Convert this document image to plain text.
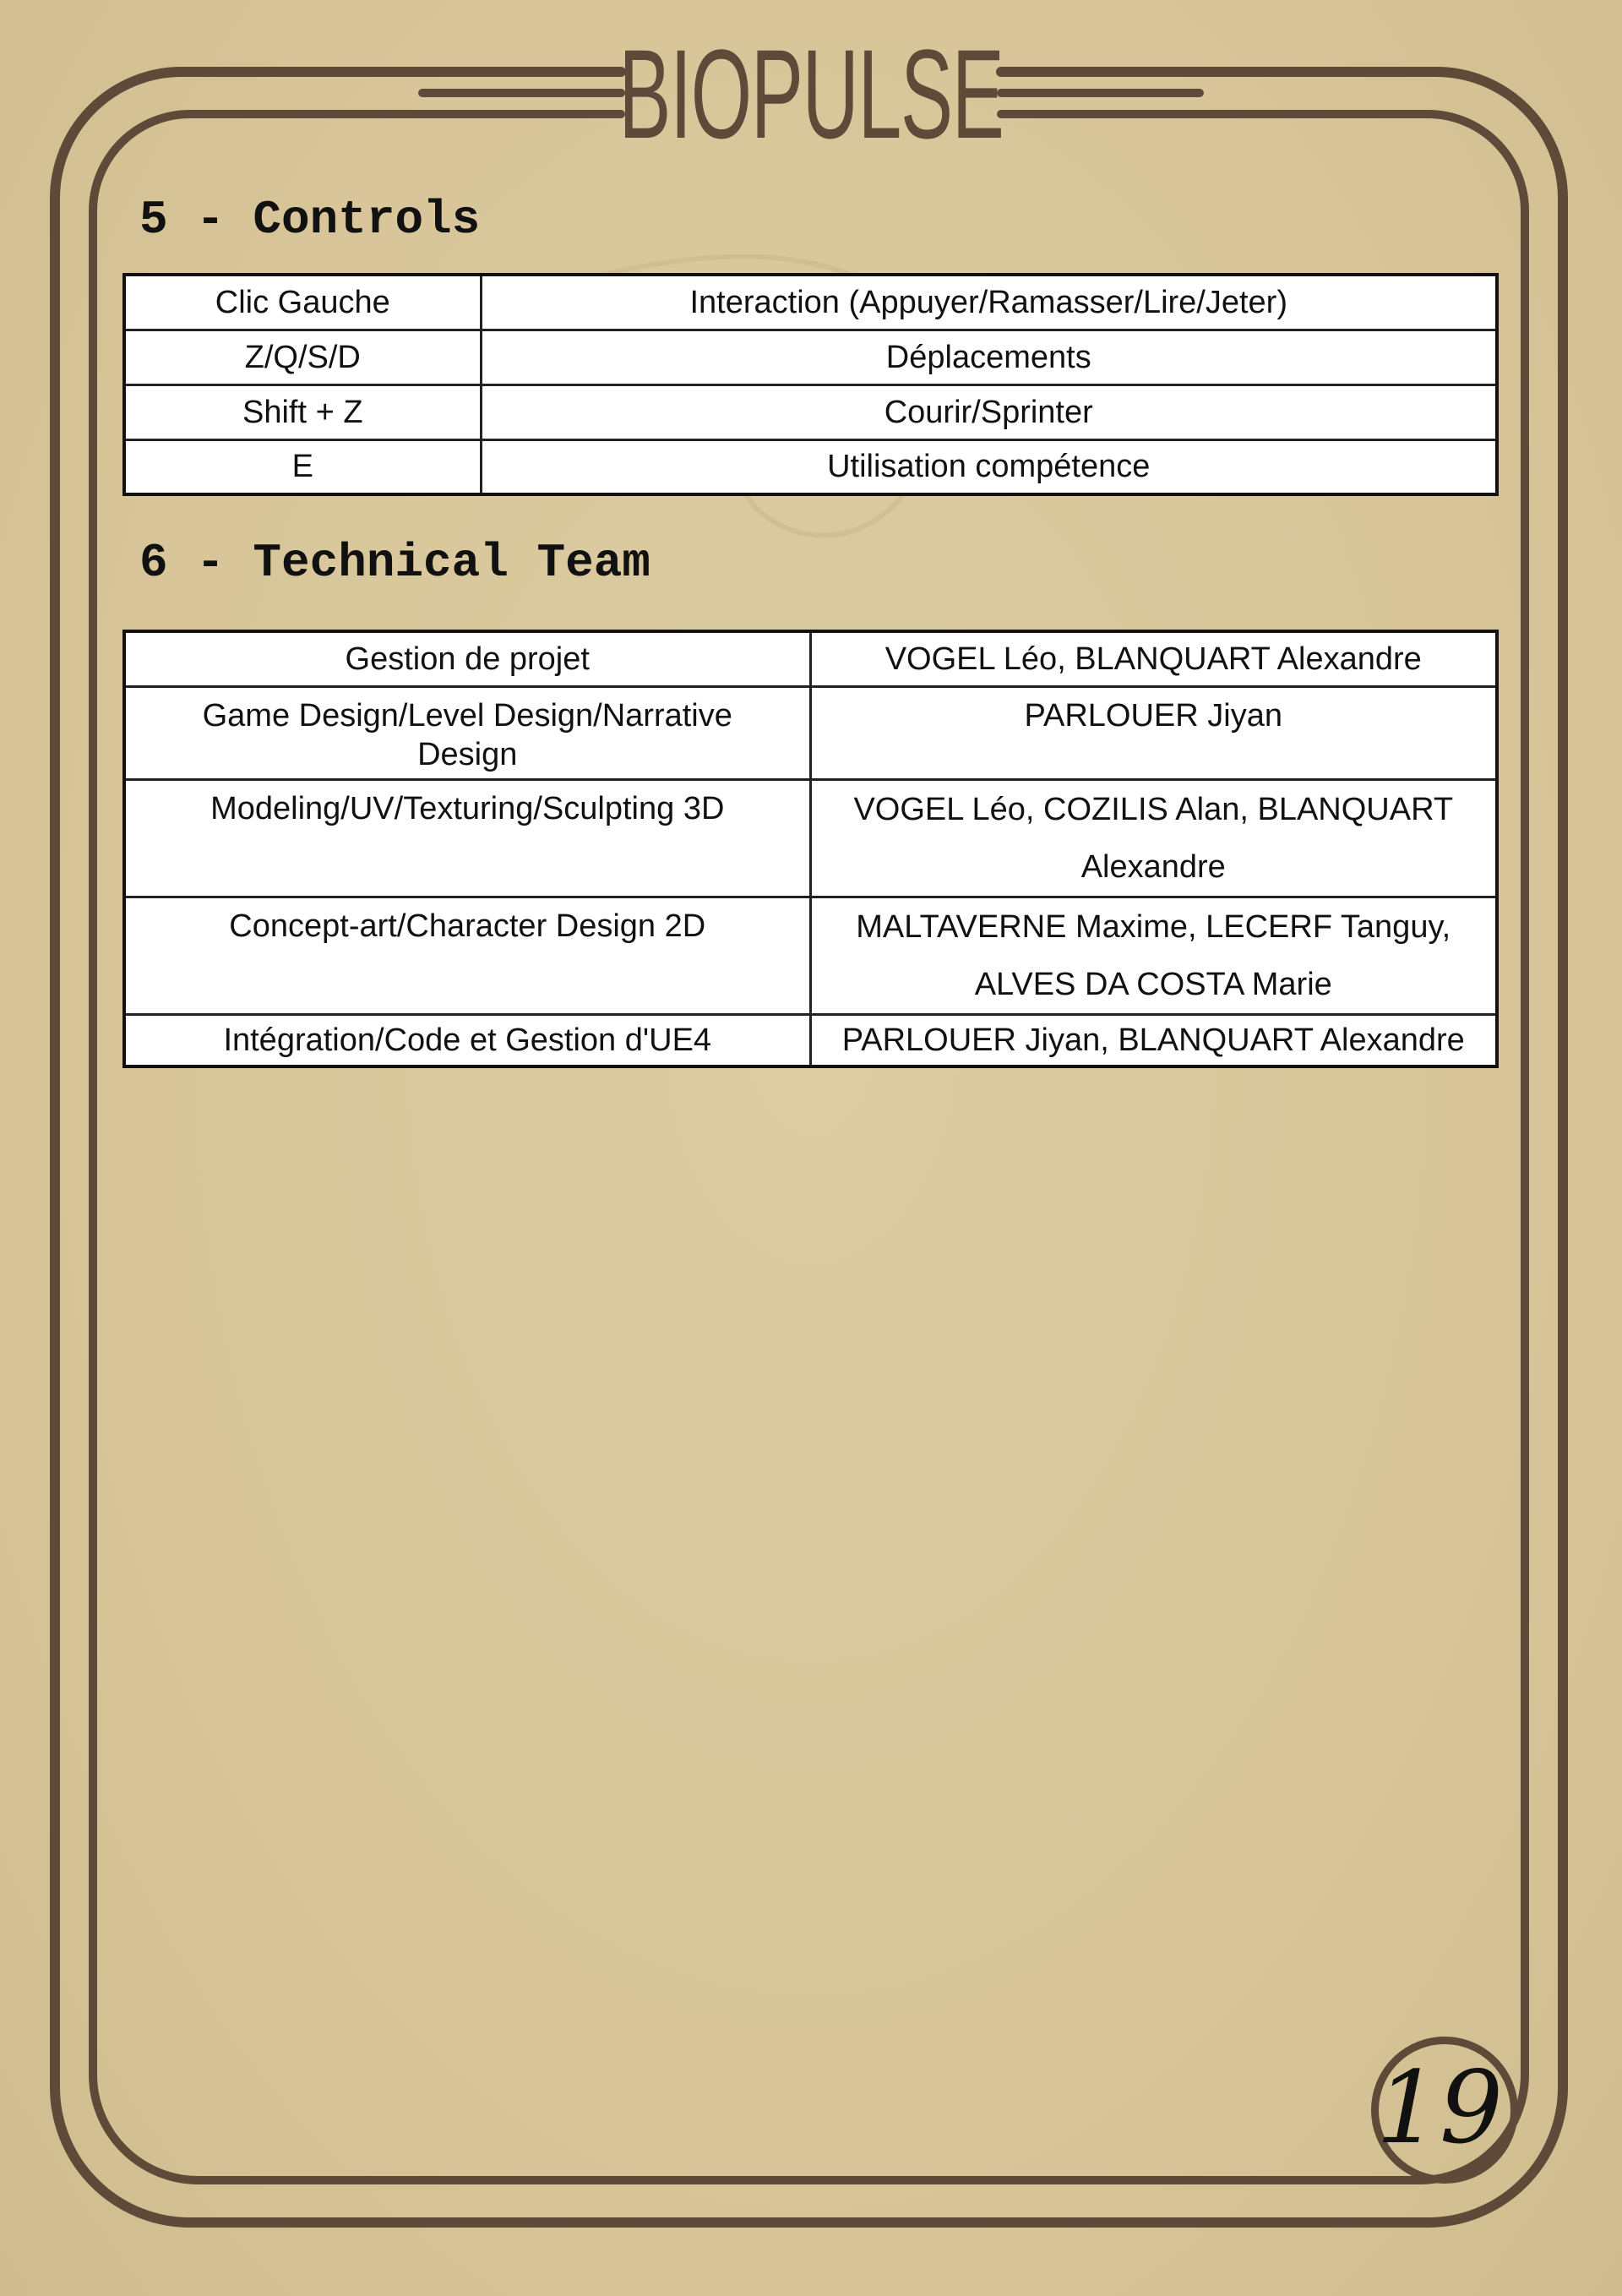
BIOPULSE
5 - Controls
Clic Gauche	Interaction (Appuyer/Ramasser/Lire/Jeter)
Z/Q/S/D	Déplacements
Shift + Z	Courir/Sprinter
E	Utilisation compétence
6 - Technical Team
Gestion de projet	VOGEL Léo, BLANQUART Alexandre
Game Design/Level Design/Narrative Design	PARLOUER Jiyan
Modeling/UV/Texturing/Sculpting 3D	VOGEL Léo, COZILIS Alan, BLANQUART Alexandre
Concept-art/Character Design 2D	MALTAVERNE Maxime, LECERF Tanguy, ALVES DA COSTA Marie
Intégration/Code et Gestion d'UE4	PARLOUER Jiyan, BLANQUART Alexandre
19
